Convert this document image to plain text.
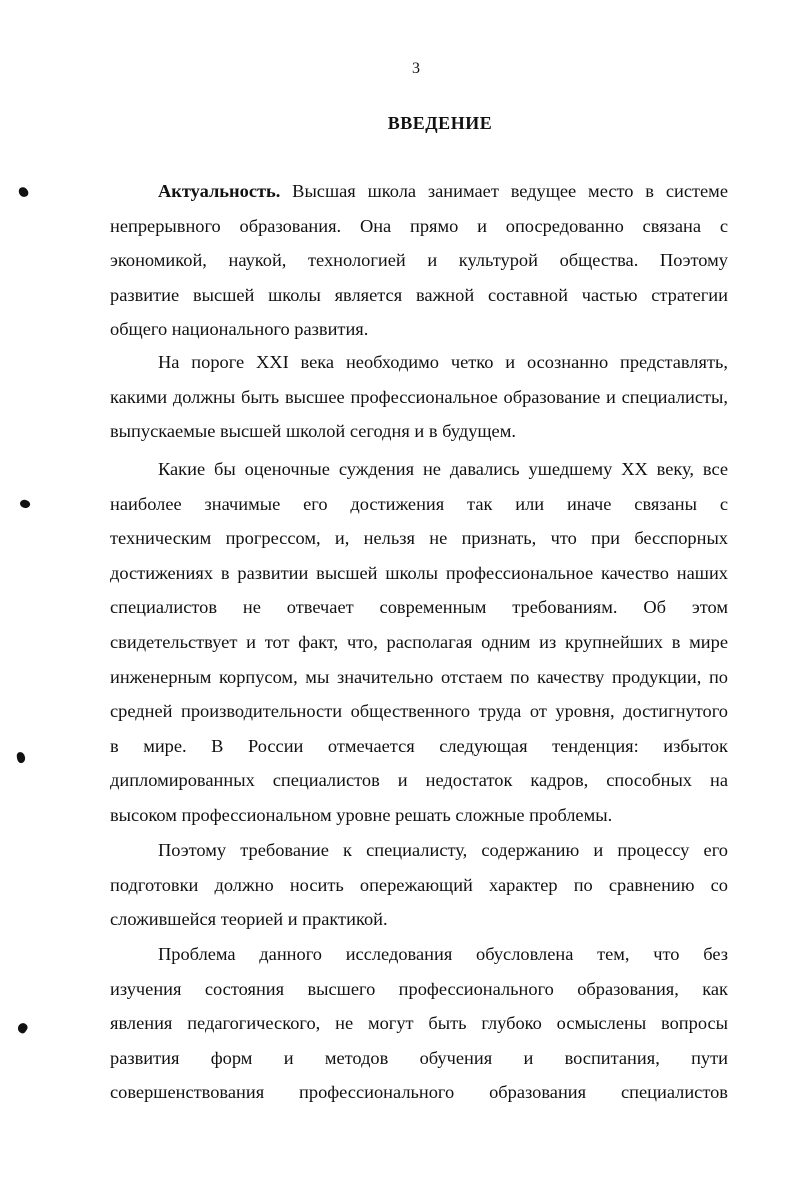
3
ВВЕДЕНИЕ
Актуальность. Высшая школа занимает ведущее место в системе
непрерывного образования. Она прямо и опосредованно связана с
экономикой, наукой, технологией и культурой общества. Поэтому
развитие высшей школы является важной составной частью стратегии
общего национального развития.
На пороге XXI века необходимо четко и осознанно представлять,
какими должны быть высшее профессиональное образование и специалисты,
выпускаемые высшей школой сегодня и в будущем.
Какие бы оценочные суждения не давались ушедшему XX веку, все
наиболее значимые его достижения так или иначе связаны с
техническим прогрессом, и, нельзя не признать, что при бесспорных
достижениях в развитии высшей школы профессиональное качество наших
специалистов не отвечает современным требованиям. Об этом
свидетельствует и тот факт, что, располагая одним из крупнейших в мире
инженерным корпусом, мы значительно отстаем по качеству продукции, по
средней производительности общественного труда от уровня, достигнутого
в мире. В России отмечается следующая тенденция: избыток
дипломированных специалистов и недостаток кадров, способных на
высоком профессиональном уровне решать сложные проблемы.
Поэтому требование к специалисту, содержанию и процессу его
подготовки должно носить опережающий характер по сравнению со
сложившейся теорией и практикой.
Проблема данного исследования обусловлена тем, что без
изучения состояния высшего профессионального образования, как
явления педагогического, не могут быть глубоко осмыслены вопросы
развития форм и методов обучения и воспитания, пути
совершенствования профессионального образования специалистов
